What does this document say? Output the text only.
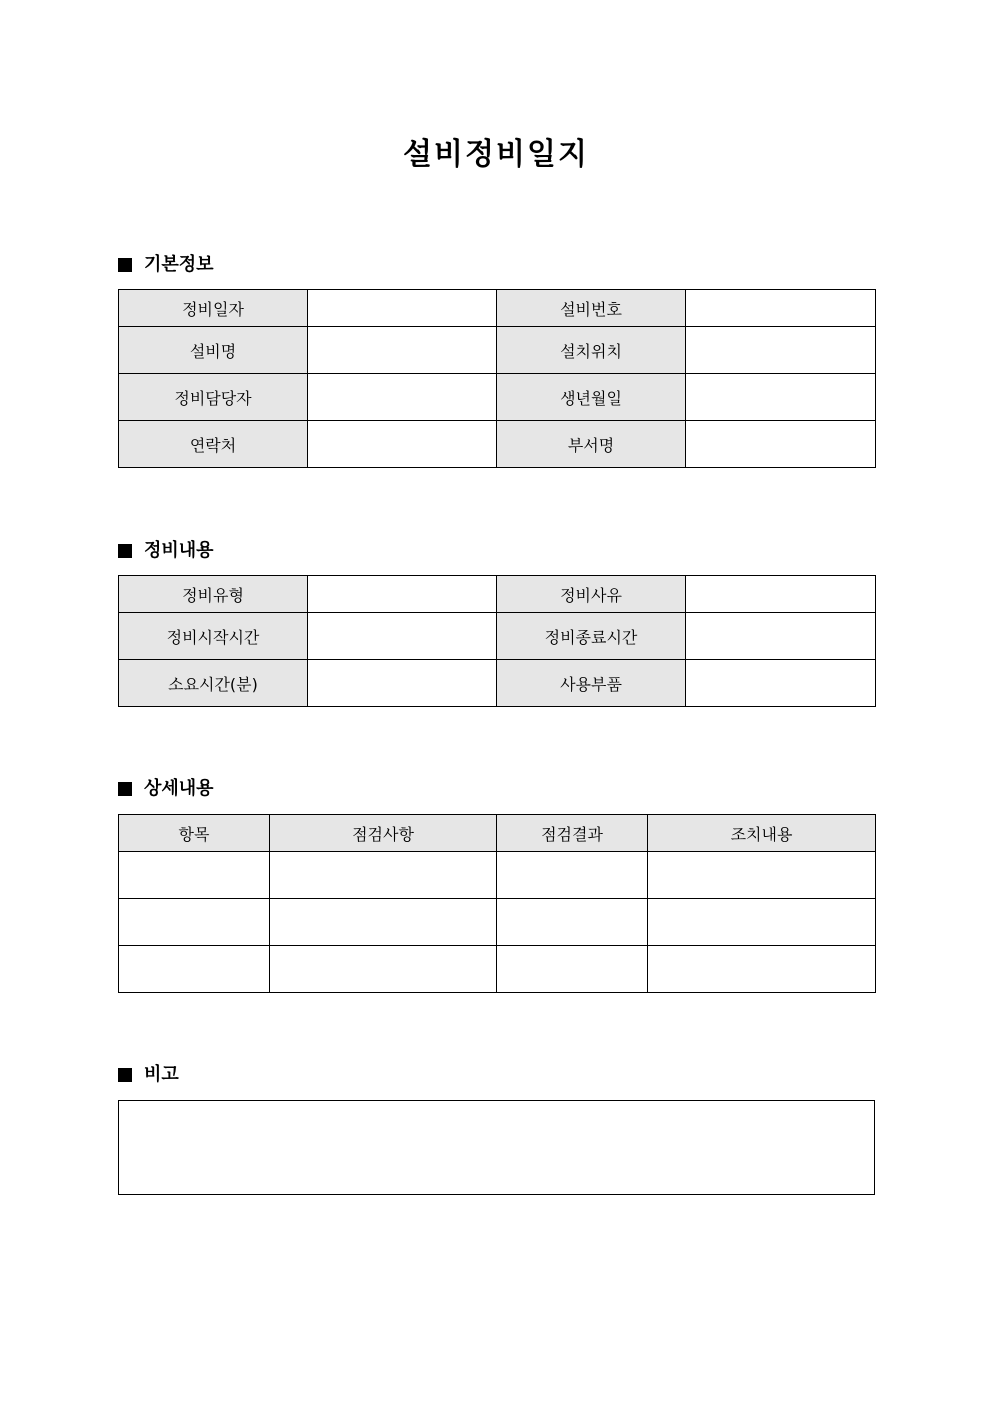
설비정비일지
기본정보
정비일자		설비번호	
설비명		설치위치	
정비담당자		생년월일	
연락처		부서명	
정비내용
정비유형		정비사유	
정비시작시간		정비종료시간	
소요시간(분)		사용부품	
상세내용
항목	점검사항	점검결과	조치내용

비고
